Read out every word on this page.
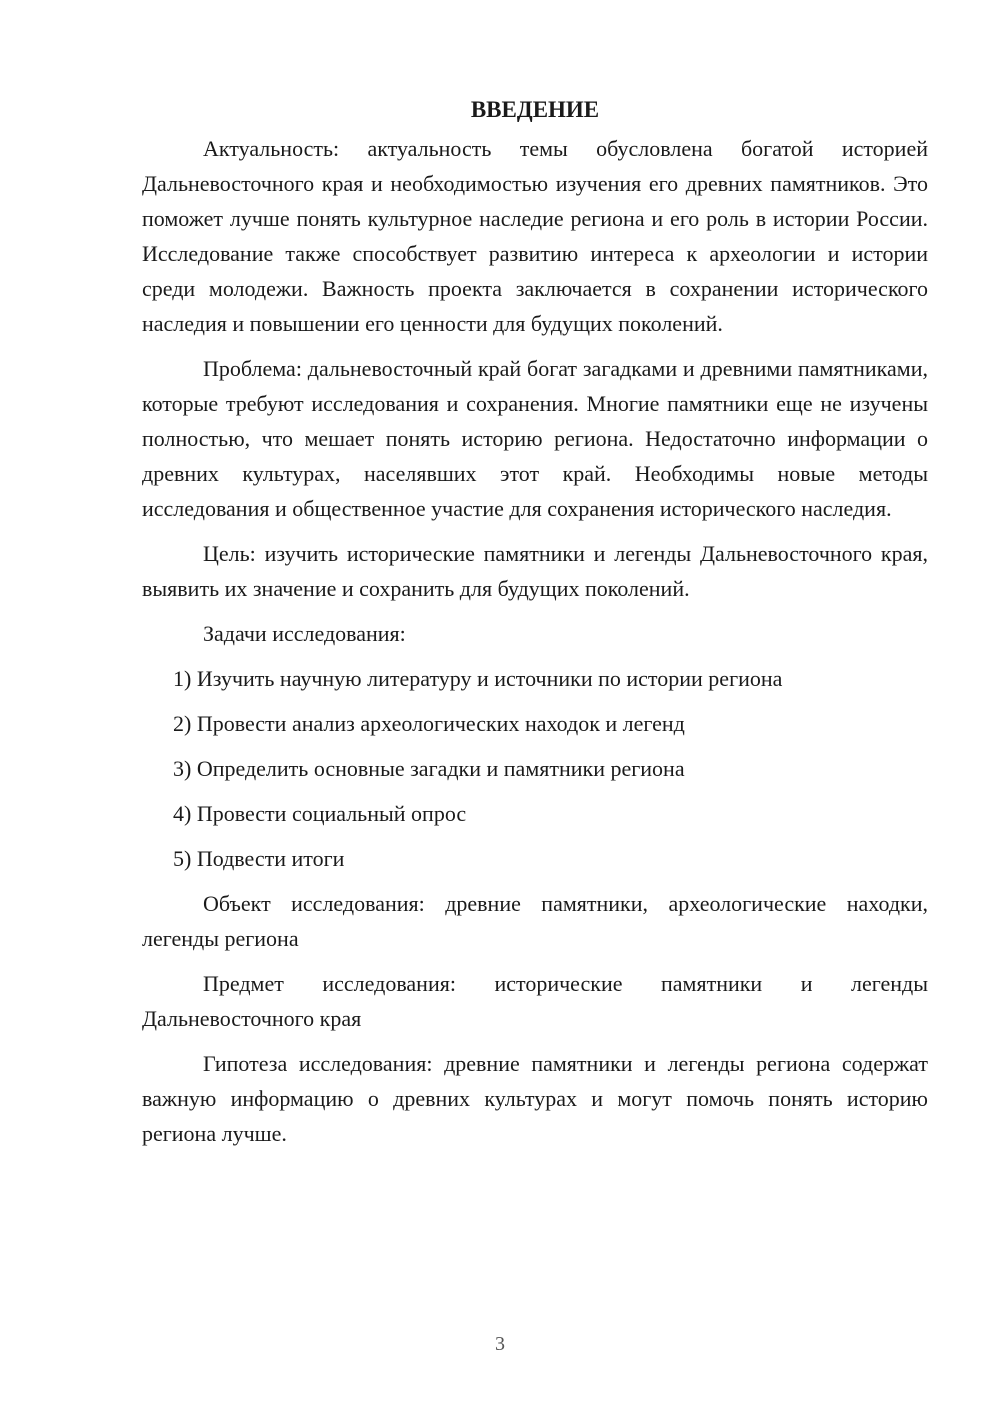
ВВЕДЕНИЕ

Актуальность: актуальность темы обусловлена богатой историей Дальневосточного края и необходимостью изучения его древних памятников. Это поможет лучше понять культурное наследие региона и его роль в истории России. Исследование также способствует развитию интереса к археологии и истории среди молодежи. Важность проекта заключается в сохранении исторического наследия и повышении его ценности для будущих поколений.

Проблема: дальневосточный край богат загадками и древними памятниками, которые требуют исследования и сохранения. Многие памятники еще не изучены полностью, что мешает понять историю региона. Недостаточно информации о древних культурах, населявших этот край. Необходимы новые методы исследования и общественное участие для сохранения исторического наследия.

Цель: изучить исторические памятники и легенды Дальневосточного края, выявить их значение и сохранить для будущих поколений.

Задачи исследования:

1) Изучить научную литературу и источники по истории региона

2) Провести анализ археологических находок и легенд

3) Определить основные загадки и памятники региона

4) Провести социальный опрос

5) Подвести итоги

Объект исследования: древние памятники, археологические находки, легенды региона

Предмет исследования: исторические памятники и легенды Дальневосточного края

Гипотеза исследования: древние памятники и легенды региона содержат важную информацию о древних культурах и могут помочь понять историю региона лучше.

3
